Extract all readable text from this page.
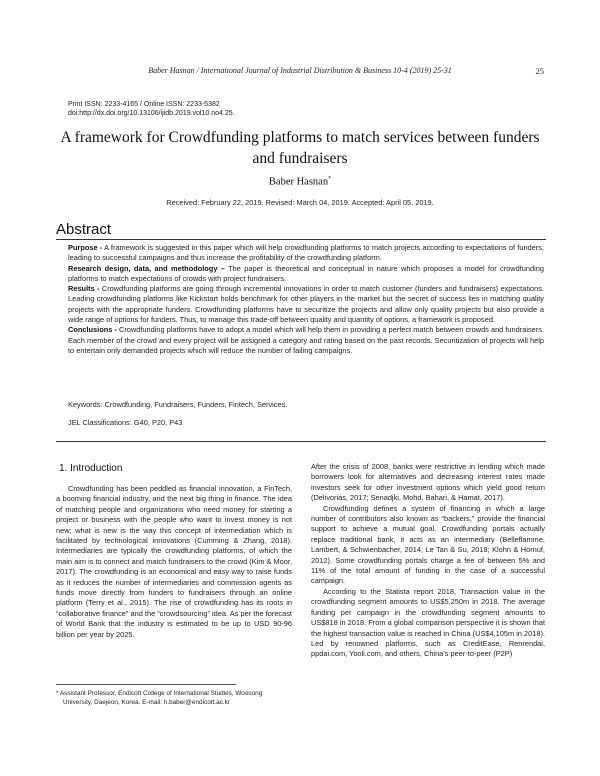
Baber Hasnan / International Journal of Industrial Distribution & Business 10-4 (2019) 25-31	25
Print ISSN: 2233-4165 / Online ISSN: 2233-5382
doi:http://dx.doi.org/10.13106/ijidb.2019.vol10.no4.25.
A framework for Crowdfunding platforms to match services between funders and fundraisers
Baber Hasnan*
Received: February 22, 2019. Revised: March 04, 2019. Accepted: April 05, 2019.
Abstract

Purpose - A framework is suggested in this paper which will help crowdfunding platforms to match projects according to expectations of funders, leading to successful campaigns and thus increase the profitability of the crowdfunding platform.

Research design, data, and methodology – The paper is theoretical and conceptual in nature which proposes a model for crowdfunding platforms to match expectations of crowds with project fundraisers.

Results - Crowdfunding platforms are going through incremental innovations in order to match customer (funders and fundraisers) expectations. Leading crowdfunding platforms like Kickstart holds benchmark for other players in the market but the secret of success lies in matching quality projects with the appropriate funders. Crowdfunding platforms have to securitize the projects and allow only quality projects but also provide a wide range of options for funders. Thus, to manage this trade-off between quality and quantity of options, a framework is proposed.

Conclusions - Crowdfunding platforms have to adopt a model which will help them in providing a perfect match between crowds and fundraisers. Each member of the crowd and every project will be assigned a category and rating based on the past records. Securitization of projects will help to entertain only demanded projects which will reduce the number of failing campaigns.

Keywords: Crowdfunding, Fundraisers, Funders, Fintech, Services.
JEL Classifications: G40, P20, P43

1. Introduction

Crowdfunding has been peddled as financial innovation, a FinTech, a booming financial industry, and the next big thing in finance. The idea of matching people and organizations who need money for starting a project or business with the people who want to invest money is not new; what is new is the way this concept of intermediation which is facilitated by technological innovations (Cumming & Zhang, 2018). Intermediaries are typically the crowdfunding platforms, of which the main aim is to connect and match fundraisers to the crowd (Kim & Moor, 2017). The crowdfunding is an economical and easy way to raise funds as it reduces the number of intermediaries and commission agents as funds move directly from funders to fundraisers through an online platform (Terry et al., 2015). The rise of crowdfunding has its roots in “collaborative finance” and the “crowdsourcing” idea. As per the forecast of World Bank that the industry is estimated to be up to USD 90-96 billion per year by 2025.

After the crisis of 2008, banks were restrictive in lending which made borrowers look for alternatives and decreasing interest rates made investors seek for other investment options which yield good return (Delivorias, 2017; Senadjki, Mohd, Bahari, & Hamat, 2017).

Crowdfunding defines a system of financing in which a large number of contributors also known as “backers,” provide the financial support to achieve a mutual goal. Crowdfunding portals actually replace traditional bank, it acts as an intermediary (Belleflamme, Lambert, & Schwienbacher, 2014; Le Tan & Su, 2018; Klohn & Hornuf, 2012). Some crowdfunding portals charge a fee of between 5% and 11% of the total amount of funding in the case of a successful campaign.

According to the Statista report 2018, Transaction value in the crowdfunding segment amounts to US$5,250m in 2018. The average funding per campaign in the crowdfunding segment amounts to US$818 in 2018. From a global comparison perspective it is shown that the highest transaction value is reached in China (US$4,105m in 2018). Led by renowned platforms, such as CreditEase, Renrendai, ppdai.com, Yooli.com, and others, China’s peer-to-peer (P2P)

* Assistant Professor, Endicott College of International Studies, Woosong
University, Daejeon, Korea. E-mail: h.baber@endicott.ac.kr
